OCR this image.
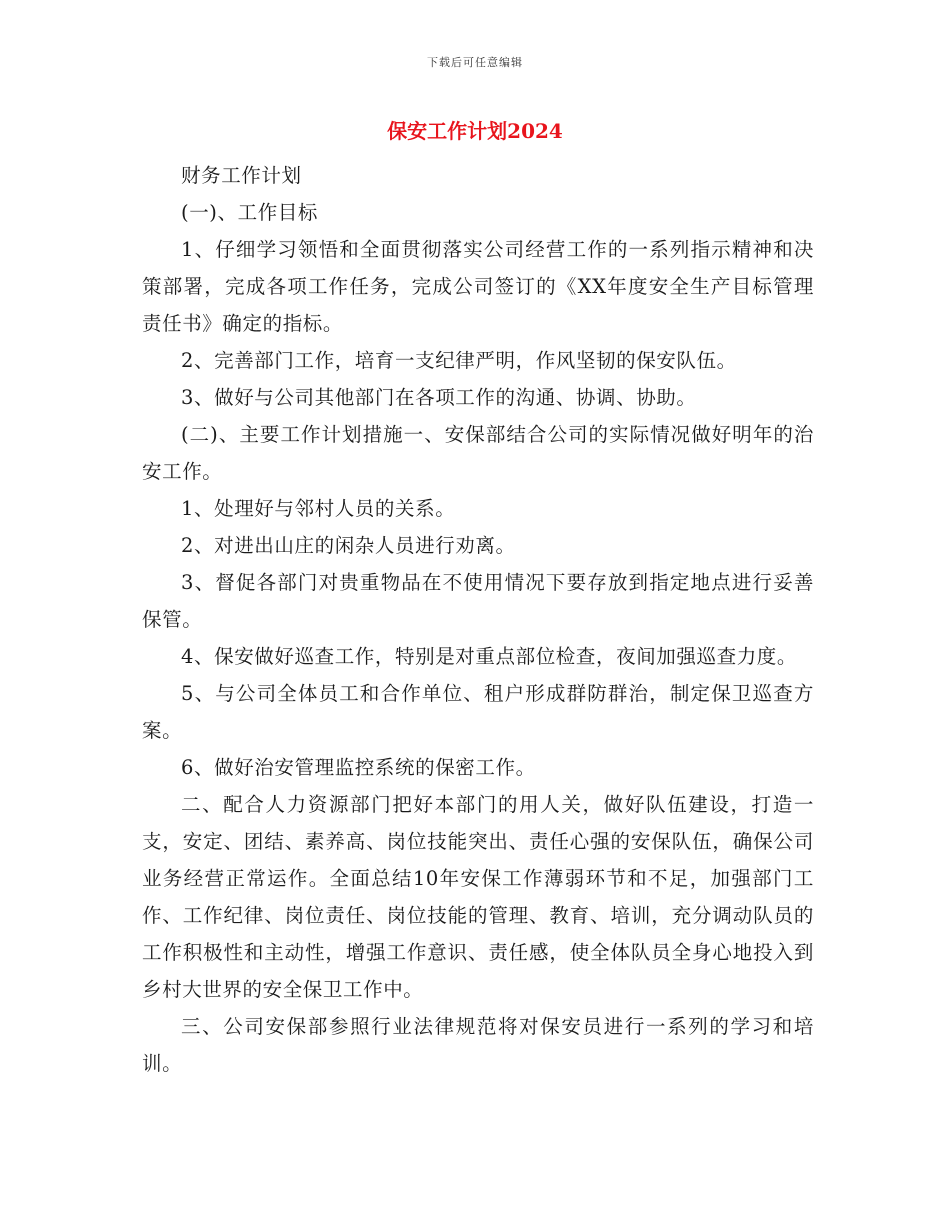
下载后可任意编辑
保安工作计划2024

财务工作计划

(一)、工作目标

1、仔细学习领悟和全面贯彻落实公司经营工作的一系列指示精神和决策部署，完成各项工作任务，完成公司签订的《XX年度安全生产目标管理责任书》确定的指标。

2、完善部门工作，培育一支纪律严明，作风坚韧的保安队伍。

3、做好与公司其他部门在各项工作的沟通、协调、协助。

(二)、主要工作计划措施一、安保部结合公司的实际情况做好明年的治安工作。

1、处理好与邻村人员的关系。

2、对进出山庄的闲杂人员进行劝离。

3、督促各部门对贵重物品在不使用情况下要存放到指定地点进行妥善保管。

4、保安做好巡查工作，特别是对重点部位检查，夜间加强巡查力度。

5、与公司全体员工和合作单位、租户形成群防群治，制定保卫巡查方案。

6、做好治安管理监控系统的保密工作。

二、配合人力资源部门把好本部门的用人关，做好队伍建设，打造一支，安定、团结、素养高、岗位技能突出、责任心强的安保队伍，确保公司业务经营正常运作。全面总结10年安保工作薄弱环节和不足，加强部门工作、工作纪律、岗位责任、岗位技能的管理、教育、培训，充分调动队员的工作积极性和主动性，增强工作意识、责任感，使全体队员全身心地投入到乡村大世界的安全保卫工作中。

三、公司安保部参照行业法律规范将对保安员进行一系列的学习和培训。
